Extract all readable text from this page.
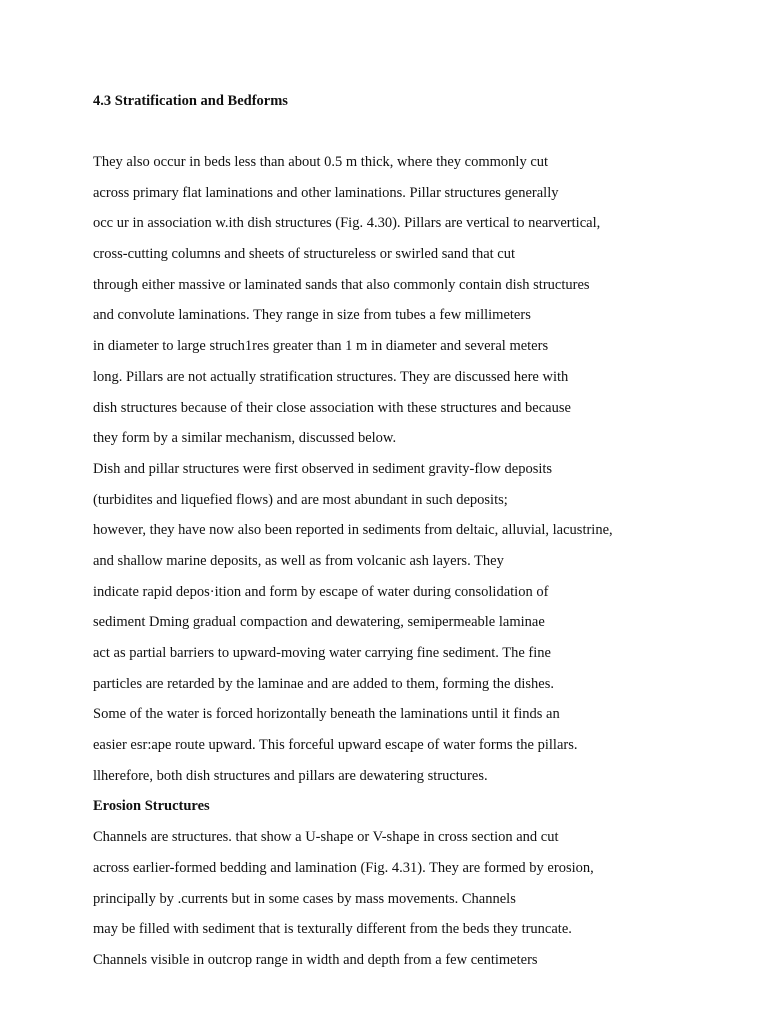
4.3 Stratification and Bedforms
They also occur in beds less than about 0.5 m thick, where they commonly cut
across primary flat laminations and other laminations. Pillar structures generally
occ ur in association w.ith dish structures (Fig. 4.30). Pillars are vertical to nearvertical,
cross-cutting columns and sheets of structureless or swirled sand that cut
through either massive or laminated sands that also commonly contain dish structures
and convolute laminations. They range in size from tubes a few millimeters
in diameter to large struch1res greater than 1 m in diameter and several meters
long. Pillars are not actually stratification structures. They are discussed here with
dish structures because of their close association with these structures and because
they form by a similar mechanism, discussed below.
Dish and pillar structures were first observed in sediment gravity-flow deposits
(turbidites and liquefied flows) and are most abundant in such deposits;
however, they have now also been reported in sediments from deltaic, alluvial, lacustrine,
and shallow marine deposits, as well as from volcanic ash layers. They
indicate rapid depos·ition and form by escape of water during consolidation of
sediment Dming gradual compaction and dewatering, semipermeable laminae
act as partial barriers to upward-moving water carrying fine sediment. The fine
particles are retarded by the laminae and are added to them, forming the dishes.
Some of the water is forced horizontally beneath the laminations until it finds an
easier esr:ape route upward. This forceful upward escape of water forms the pillars.
llherefore, both dish structures and pillars are dewatering structures.
Erosion Structures
Channels are structures. that show a U-shape or V-shape in cross section and cut
across earlier-formed bedding and lamination (Fig. 4.31). They are formed by erosion,
principally by .currents but in some cases by mass movements. Channels
may be filled with sediment that is texturally different from the beds they truncate.
Channels visible in outcrop range in width and depth from a few centimeters
